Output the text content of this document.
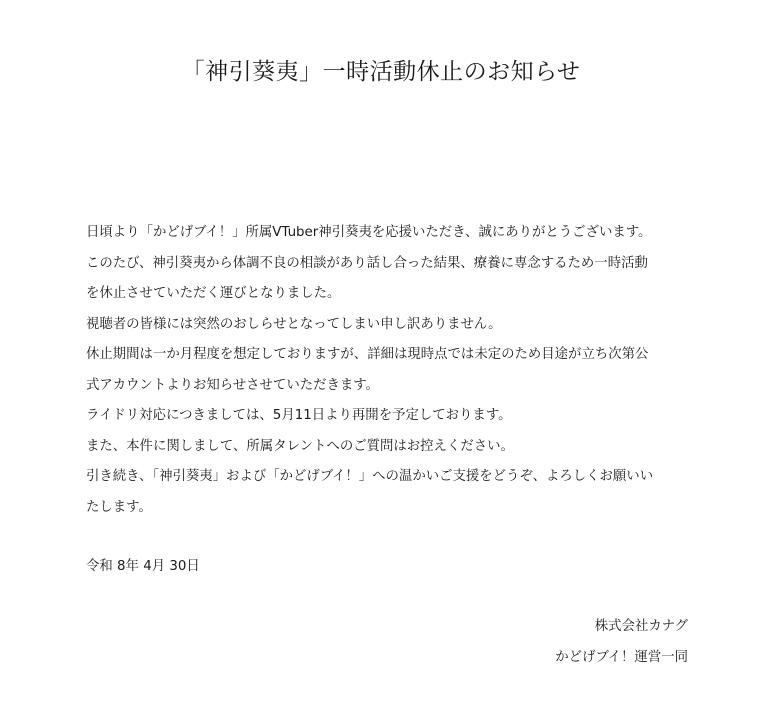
「神引葵夷」一時活動休止のお知らせ

日頃より「かどげブイ！」所属VTuber神引葵夷を応援いただき、誠にありがとうございます。

このたび、神引葵夷から体調不良の相談があり話し合った結果、療養に専念するため一時活動

を休止させていただく運びとなりました。

視聴者の皆様には突然のおしらせとなってしまい申し訳ありません。

休止期間は一か月程度を想定しておりますが、詳細は現時点では未定のため目途が立ち次第公

式アカウントよりお知らせさせていただきます。

ライドリ対応につきましては、5月11日より再開を予定しております。

また、本件に関しまして、所属タレントへのご質問はお控えください。

引き続き、「神引葵夷」および「かどげブイ！」への温かいご支援をどうぞ、よろしくお願いい

たします。

令和 8年 4月 30日
株式会社カナグ
かどげブイ！運営一同
